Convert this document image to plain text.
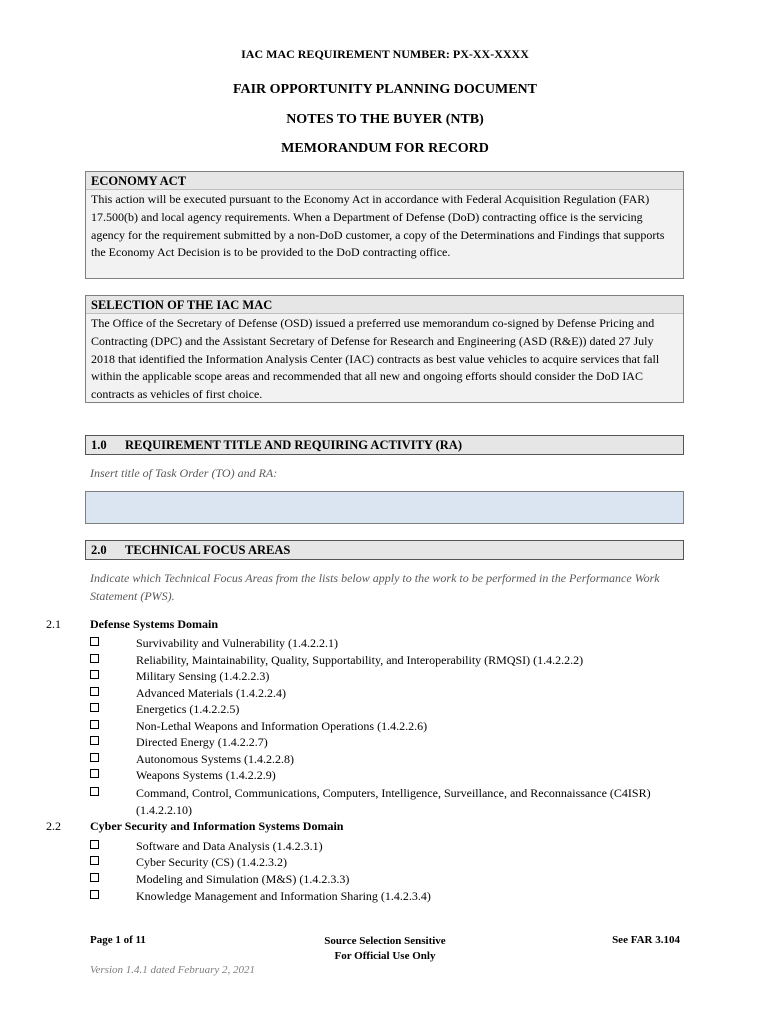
IAC MAC REQUIREMENT NUMBER: PX-XX-XXXX
FAIR OPPORTUNITY PLANNING DOCUMENT
NOTES TO THE BUYER (NTB)
MEMORANDUM FOR RECORD
ECONOMY ACT
This action will be executed pursuant to the Economy Act in accordance with Federal Acquisition Regulation (FAR) 17.500(b) and local agency requirements. When a Department of Defense (DoD) contracting office is the servicing agency for the requirement submitted by a non-DoD customer, a copy of the Determinations and Findings that supports the Economy Act Decision is to be provided to the DoD contracting office.
SELECTION OF THE IAC MAC
The Office of the Secretary of Defense (OSD) issued a preferred use memorandum co-signed by Defense Pricing and Contracting (DPC) and the Assistant Secretary of Defense for Research and Engineering (ASD (R&E)) dated 27 July 2018 that identified the Information Analysis Center (IAC) contracts as best value vehicles to acquire services that fall within the applicable scope areas and recommended that all new and ongoing efforts should consider the DoD IAC contracts as vehicles of first choice.
1.0 REQUIREMENT TITLE AND REQUIRING ACTIVITY (RA)
Insert title of Task Order (TO) and RA:
2.0 TECHNICAL FOCUS AREAS
Indicate which Technical Focus Areas from the lists below apply to the work to be performed in the Performance Work Statement (PWS).
2.1 Defense Systems Domain
Survivability and Vulnerability (1.4.2.2.1)
Reliability, Maintainability, Quality, Supportability, and Interoperability (RMQSI) (1.4.2.2.2)
Military Sensing (1.4.2.2.3)
Advanced Materials (1.4.2.2.4)
Energetics (1.4.2.2.5)
Non-Lethal Weapons and Information Operations (1.4.2.2.6)
Directed Energy (1.4.2.2.7)
Autonomous Systems (1.4.2.2.8)
Weapons Systems (1.4.2.2.9)
Command, Control, Communications, Computers, Intelligence, Surveillance, and Reconnaissance (C4ISR) (1.4.2.2.10)
2.2 Cyber Security and Information Systems Domain
Software and Data Analysis (1.4.2.3.1)
Cyber Security (CS) (1.4.2.3.2)
Modeling and Simulation (M&S) (1.4.2.3.3)
Knowledge Management and Information Sharing (1.4.2.3.4)
Page 1 of 11	Source Selection Sensitive
For Official Use Only
See FAR 3.104
Version 1.4.1 dated February 2, 2021
